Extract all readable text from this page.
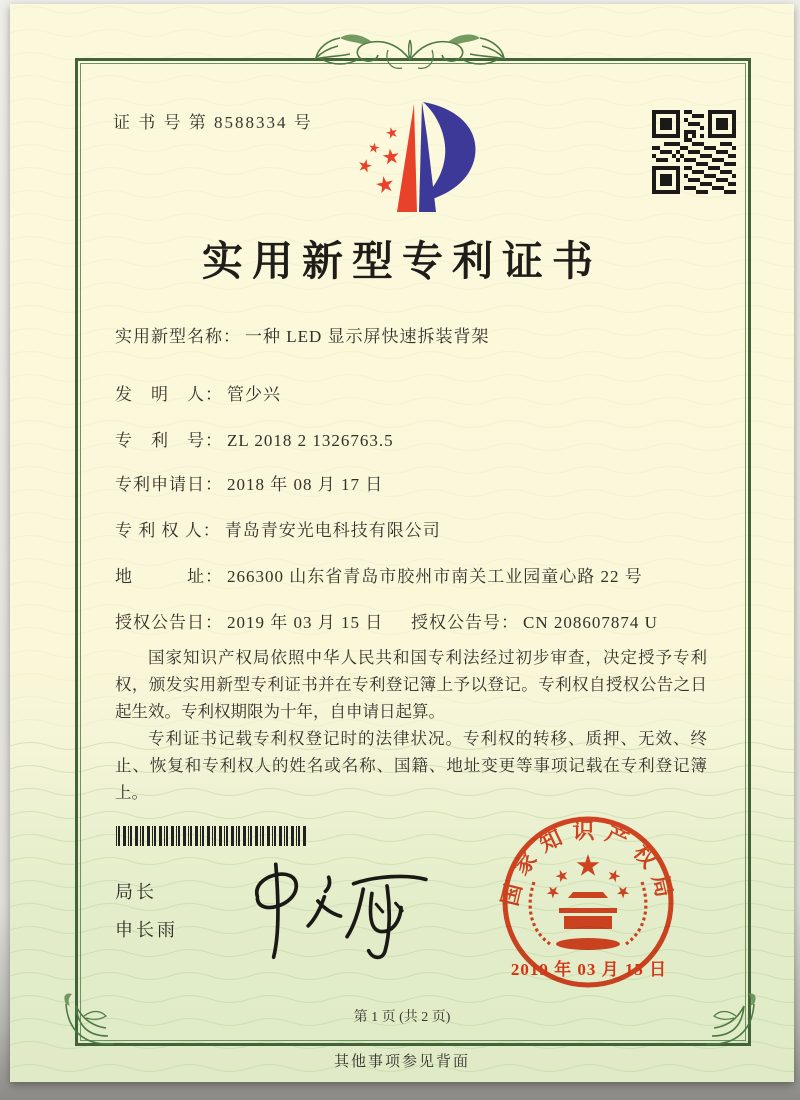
证 书 号 第 8588334 号
实用新型专利证书
实用新型名称： 一种 LED 显示屏快速拆装背架
发　明　人： 管少兴
专　利　号： ZL 2018 2 1326763.5
专利申请日： 2018 年 08 月 17 日
专 利 权 人： 青岛青安光电科技有限公司
地　　　址： 266300 山东省青岛市胶州市南关工业园童心路 22 号
授权公告日： 2019 年 03 月 15 日 授权公告号： CN 208607874 U

国家知识产权局依照中华人民共和国专利法经过初步审查，决定授予专利权，颁发实用新型专利证书并在专利登记簿上予以登记。专利权自授权公告之日起生效。专利权期限为十年，自申请日起算。

专利证书记载专利权登记时的法律状况。专利权的转移、质押、无效、终止、恢复和专利权人的姓名或名称、国籍、地址变更等事项记载在专利登记簿上。

局长
申长雨
国家知识产权局
2019 年 03 月 15 日
第 1 页 (共 2 页)
其他事项参见背面
